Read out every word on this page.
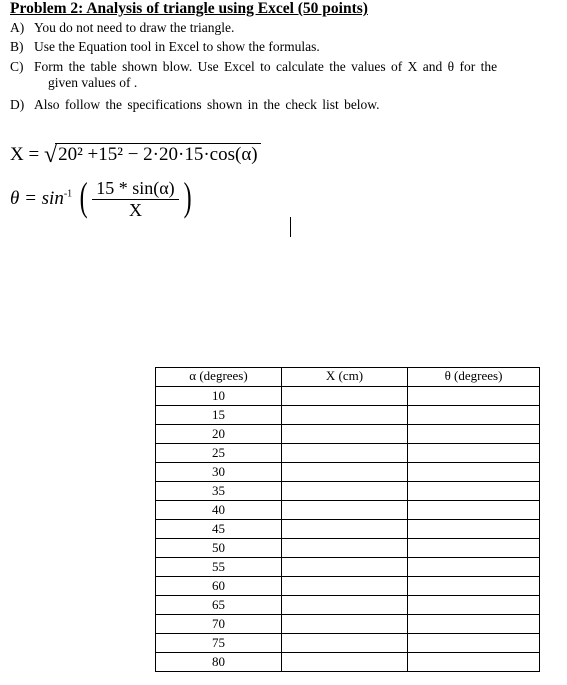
Problem 2: Analysis of triangle using Excel (50 points)
A) You do not need to draw the triangle.
B) Use the Equation tool in Excel to show the formulas.
C) Form the table shown blow. Use Excel to calculate the values of X and θ for the
given values of .
D) Also follow the specifications shown in the check list below.
X = √20² +15² − 2·20·15·cos(α)
$\theta = \sin^{-1}$ ( $\frac{15 * \sin(\alpha)}{X}$ )
α (degrees)	X (cm)	θ (degrees)
10		
15		
20		
25		
30		
35		
40		
45		
50		
55		
60		
65		
70		
75		
80		
